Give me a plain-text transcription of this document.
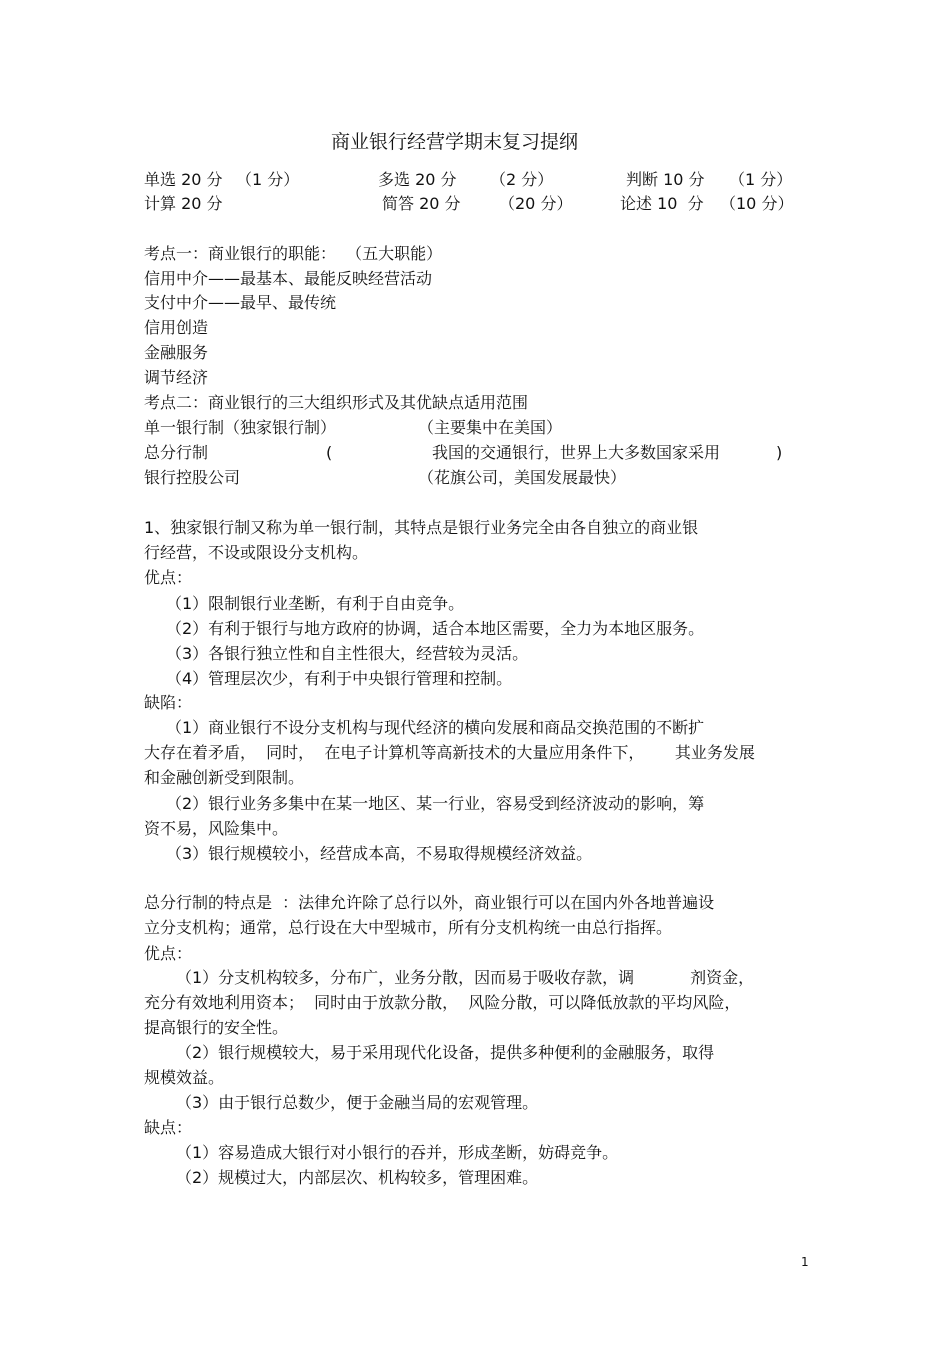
商业银行经营学期末复习提纲
单选 20 分 （1 分）	多选 20 分 （2 分）	判断 10 分 （1 分）
计算 20 分	简答 20 分 （20 分）	论述 10  分 （10 分）
考点一：商业银行的职能：  （五大职能）
信用中介——最基本、最能反映经营活动
支付中介——最早、最传统
信用创造
金融服务
调节经济
考点二：商业银行的三大组织形式及其优缺点适用范围
单一银行制（独家银行制）	（主要集中在美国）
总分行制	(	我国的交通银行，世界上大多数国家采用	)
银行控股公司	（花旗公司，美国发展最快）
1、独家银行制又称为单一银行制，其特点是银行业务完全由各自独立的商业银
行经营，不设或限设分支机构。
优点：
（1）限制银行业垄断，有利于自由竞争。
（2）有利于银行与地方政府的协调，适合本地区需要，全力为本地区服务。
（3）各银行独立性和自主性很大，经营较为灵活。
（4）管理层次少，有利于中央银行管理和控制。
缺陷：
（1）商业银行不设分支机构与现代经济的横向发展和商品交换范围的不断扩
大存在着矛盾，  同时，  在电子计算机等高新技术的大量应用条件下，      其业务发展
和金融创新受到限制。
（2）银行业务多集中在某一地区、某一行业，容易受到经济波动的影响，筹
资不易，风险集中。
（3）银行规模较小，经营成本高，不易取得规模经济效益。
总分行制的特点是  ：法律允许除了总行以外，商业银行可以在国内外各地普遍设
立分支机构；通常，总行设在大中型城市，所有分支机构统一由总行指挥。
优点：
（1）分支机构较多，分布广，业务分散，因而易于吸收存款，调           剂资金，
充分有效地利用资本；  同时由于放款分散，  风险分散，可以降低放款的平均风险，
提高银行的安全性。
（2）银行规模较大，易于采用现代化设备，提供多种便利的金融服务，取得
规模效益。
（3）由于银行总数少，便于金融当局的宏观管理。
缺点：
（1）容易造成大银行对小银行的吞并，形成垄断，妨碍竞争。
（2）规模过大，内部层次、机构较多，管理困难。
1
